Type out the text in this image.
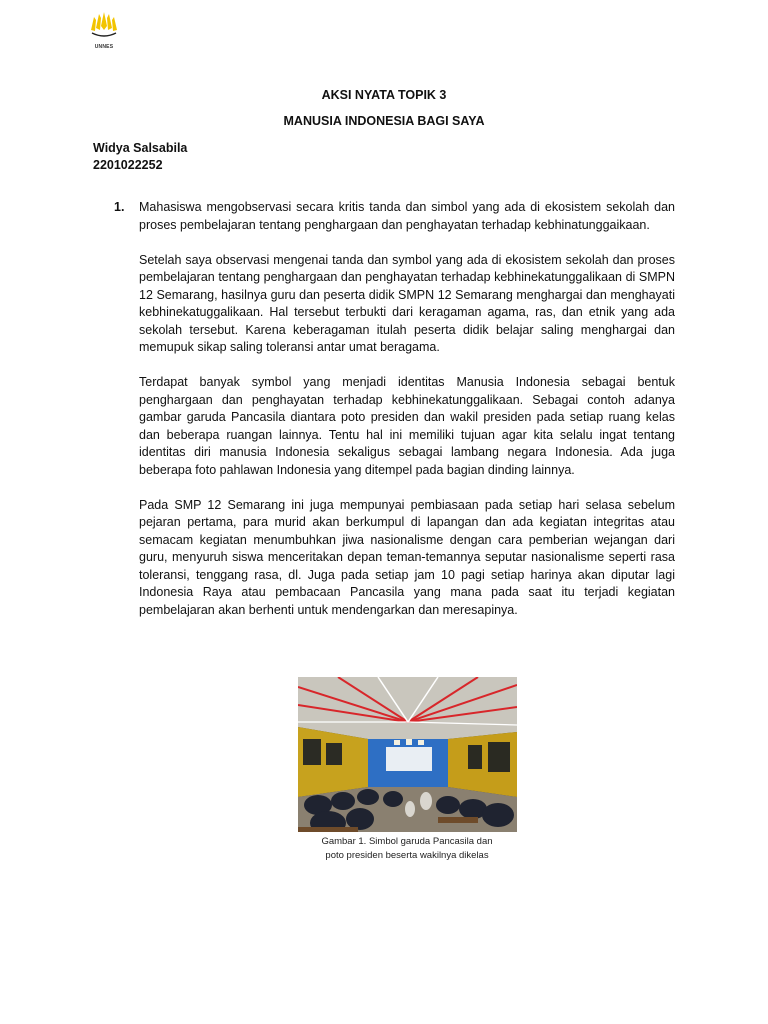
UNNES
AKSI NYATA TOPIK 3
MANUSIA INDONESIA BAGI SAYA
Widya Salsabila
2201022252
1. Mahasiswa mengobservasi secara kritis tanda dan simbol yang ada di ekosistem sekolah dan proses pembelajaran tentang penghargaan dan penghayatan terhadap kebhinatunggaikaan.

Setelah saya observasi mengenai tanda dan symbol yang ada di ekosistem sekolah dan proses pembelajaran tentang penghargaan dan penghayatan terhadap kebhinekatunggalikaan di SMPN 12 Semarang, hasilnya guru dan peserta didik SMPN 12 Semarang menghargai dan menghayati kebhinekatuggalikaan. Hal tersebut terbukti dari keragaman agama, ras, dan etnik yang ada sekolah tersebut. Karena keberagaman itulah peserta didik belajar saling menghargai dan memupuk sikap saling toleransi antar umat beragama.

Terdapat banyak symbol yang menjadi identitas Manusia Indonesia sebagai bentuk penghargaan dan penghayatan terhadap kebhinekatunggalikaan. Sebagai contoh adanya gambar garuda Pancasila diantara poto presiden dan wakil presiden pada setiap ruang kelas dan beberapa ruangan lainnya. Tentu hal ini memiliki tujuan agar kita selalu ingat tentang identitas diri manusia Indonesia sekaligus sebagai lambang negara Indonesia. Ada juga beberapa foto pahlawan Indonesia yang ditempel pada bagian dinding lainnya.

Pada SMP 12 Semarang ini juga mempunyai pembiasaan pada setiap hari selasa sebelum pejaran pertama, para murid akan berkumpul di lapangan dan ada kegiatan integritas atau semacam kegiatan menumbuhkan jiwa nasionalisme dengan cara pemberian wejangan dari guru, menyuruh siswa menceritakan depan teman-temannya seputar nasionalisme seperti rasa toleransi, tenggang rasa, dl. Juga pada setiap jam 10 pagi setiap harinya akan diputar lagi Indonesia Raya atau pembacaan Pancasila yang mana pada saat itu terjadi kegiatan pembelajaran akan berhenti untuk mendengarkan dan meresapinya.

Gambar 1. Simbol garuda Pancasila dan
poto presiden beserta wakilnya dikelas
